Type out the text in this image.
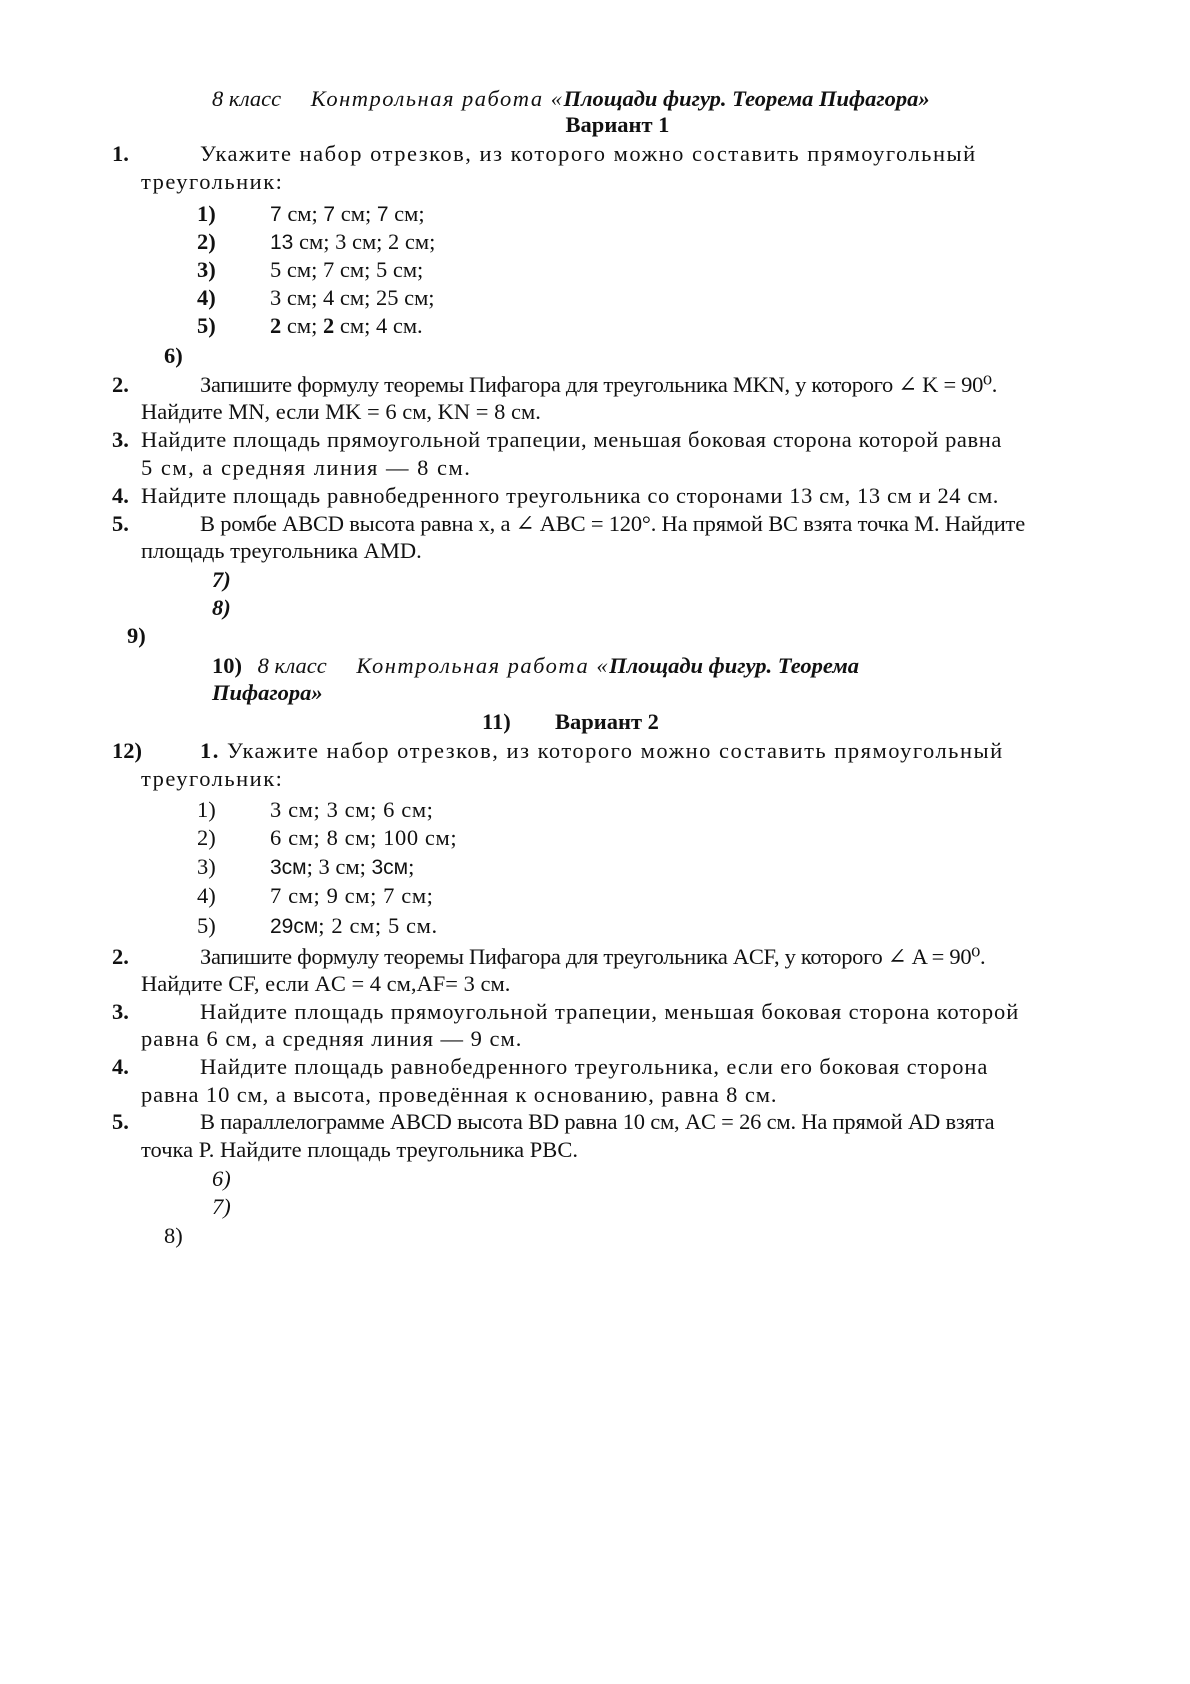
8 класс Контрольная работа «Площади фигур. Теорема Пифагора»
Вариант 1
1.	Укажите набор отрезков, из которого можно составить прямоугольный
треугольник:
1)	7 см; 7 см; 7 см;
2)	13 см; 3 см; 2 см;
3) 5 см; 7 см; 5 см;
4) 3 см; 4 см; 25 см;
5) 2 см; 2 см; 4 см.
6)
2.	Запишите формулу теоремы Пифагора для треугольника MKN, у которого ∠ K = 90⁰.
Найдите MN, если MK = 6 см, KN = 8 см.
3. Найдите площадь прямоугольной трапеции, меньшая боковая сторона которой равна
5 см, а средняя линия — 8 см.
4. Найдите площадь равнобедренного треугольника со сторонами 13 см, 13 см и 24 см.
5.	В ромбе ABCD высота равна x, а ∠ ABC = 120°. На прямой BC взята точка M. Найдите
площадь треугольника AMD.
7)
8)
9)
10) 8 класс Контрольная работа «Площади фигур. Теорема
Пифагора»
11) Вариант 2
12)	1. Укажите набор отрезков, из которого можно составить прямоугольный
треугольник:
1) 3 см; 3 см; 6 см;
2) 6 см; 8 см; 100 см;
3)	3см; 3 см; 3см;
4) 7 см; 9 см; 7 см;
5)	29см; 2 см; 5 см.
2.	Запишите формулу теоремы Пифагора для треугольника ACF, у которого ∠ A = 90⁰.
Найдите CF, если AC = 4 см,AF= 3 см.
3.	Найдите площадь прямоугольной трапеции, меньшая боковая сторона которой
равна 6 см, а средняя линия — 9 см.
4.	Найдите площадь равнобедренного треугольника, если его боковая сторона
равна 10 см, а высота, проведённая к основанию, равна 8 см.
5.	В параллелограмме ABCD высота BD равна 10 см, AC = 26 см. На прямой AD взята
точка P. Найдите площадь треугольника PBC.
6)
7)
8)
